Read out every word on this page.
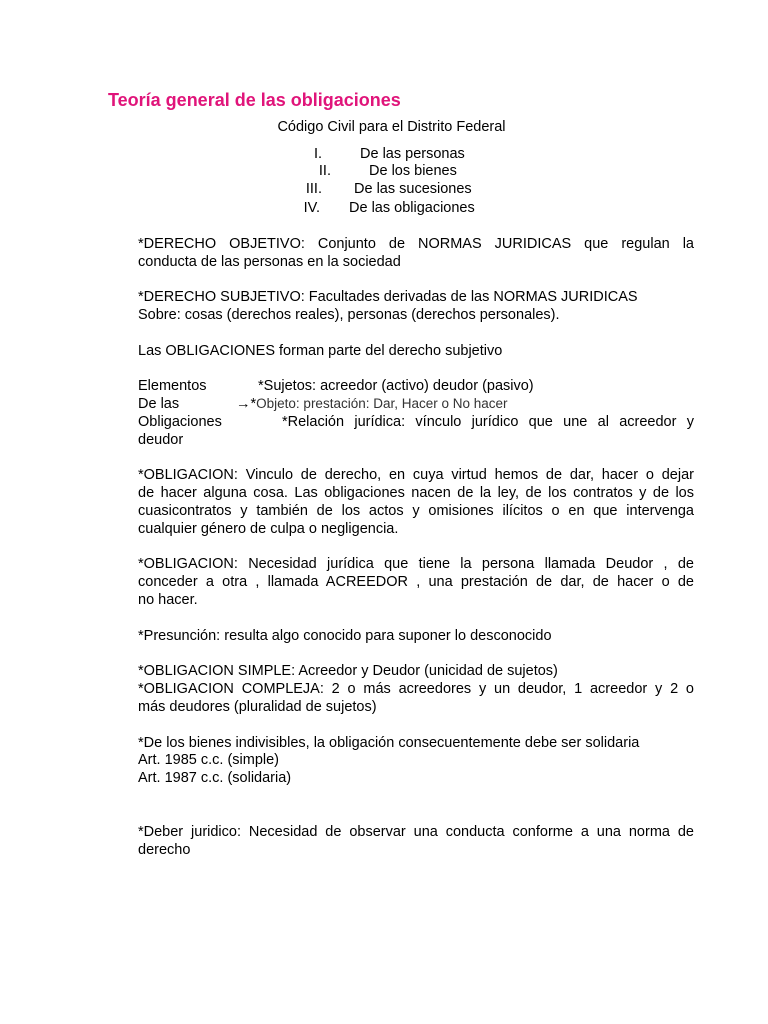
Teoría general de las obligaciones
Código Civil para el Distrito Federal
I.	De las personas
II.	De los bienes
III. De las sucesiones
IV. De las obligaciones
*DERECHO OBJETIVO: Conjunto de NORMAS JURIDICAS que regulan la
conducta de las personas en la sociedad
*DERECHO SUBJETIVO: Facultades derivadas de las NORMAS JURIDICAS
Sobre: cosas (derechos reales), personas (derechos personales).
Las OBLIGACIONES forman parte del derecho subjetivo
Elementos	*Sujetos: acreedor (activo) deudor (pasivo)
De las	→*Objeto: prestación: Dar, Hacer o No hacer
Obligaciones	*Relación jurídica: vínculo jurídico que une al acreedor y
deudor
*OBLIGACION: Vinculo de derecho, en cuya virtud hemos de dar, hacer o dejar
de hacer alguna cosa. Las obligaciones nacen de la ley, de los contratos y de los
cuasicontratos y también de los actos y omisiones ilícitos o en que intervenga
cualquier género de culpa o negligencia.
*OBLIGACION: Necesidad jurídica que tiene la persona llamada Deudor , de
conceder a otra , llamada ACREEDOR , una prestación de dar, de hacer o de
no hacer.
*Presunción: resulta algo conocido para suponer lo desconocido
*OBLIGACION SIMPLE: Acreedor y Deudor (unicidad de sujetos)
*OBLIGACION COMPLEJA: 2 o más acreedores y un deudor, 1 acreedor y 2 o
más deudores (pluralidad de sujetos)
*De los bienes indivisibles, la obligación consecuentemente debe ser solidaria
Art. 1985 c.c. (simple)
Art. 1987 c.c. (solidaria)
*Deber juridico: Necesidad de observar una conducta conforme a una norma de
derecho
